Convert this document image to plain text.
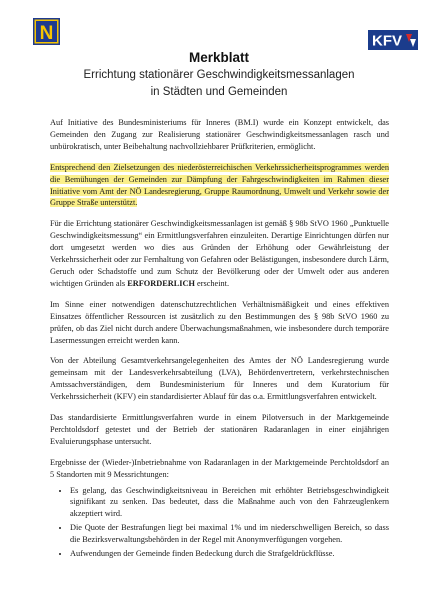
N	KFV
Merkblatt
Errichtung stationärer Geschwindigkeitsmessanlagen
in Städten und Gemeinden

Auf Initiative des Bundesministeriums für Inneres (BM.I) wurde ein Konzept entwickelt, das Gemeinden den Zugang zur Realisierung stationärer Geschwindigkeitsmessanlagen rasch und unbürokratisch, unter Beibehaltung nachvollziehbarer Prüfkriterien, ermöglicht.

Entsprechend den Zielsetzungen des niederösterreichischen Verkehrssicherheitsprogrammes werden die Bemühungen der Gemeinden zur Dämpfung der Fahrgeschwindigkeiten im Rahmen dieser Initiative vom Amt der NÖ Landesregierung, Gruppe Raumordnung, Umwelt und Verkehr sowie der Gruppe Straße unterstützt.

Für die Errichtung stationärer Geschwindigkeitsmessanlagen ist gemäß § 98b StVO 1960 „Punktuelle Geschwindigkeitsmessung“ ein Ermittlungsverfahren einzuleiten. Derartige Einrichtungen dürfen nur dort umgesetzt werden wo dies aus Gründen der Erhöhung oder Gewährleistung der Verkehrssicherheit oder zur Fernhaltung von Gefahren oder Belästigungen, insbesondere durch Lärm, Geruch oder Schadstoffe und zum Schutz der Bevölkerung oder der Umwelt oder aus anderen wichtigen Gründen als ERFORDERLICH erscheint.

Im Sinne einer notwendigen datenschutzrechtlichen Verhältnismäßigkeit und eines effektiven Einsatzes öffentlicher Ressourcen ist zusätzlich zu den Bestimmungen des § 98b StVO 1960 zu prüfen, ob das Ziel nicht durch andere Überwachungsmaßnahmen, wie insbesondere durch temporäre Lasermessungen erreicht werden kann.

Von der Abteilung Gesamtverkehrsangelegenheiten des Amtes der NÖ Landesregierung wurde gemeinsam mit der Landesverkehrsabteilung (LVA), Behördenvertretern, verkehrstechnischen Amtssachverständigen, dem Bundesministerium für Inneres und dem Kuratorium für Verkehrssicherheit (KFV) ein standardisierter Ablauf für das o.a. Ermittlungsverfahren entwickelt.

Das standardisierte Ermittlungsverfahren wurde in einem Pilotversuch in der Marktgemeinde Perchtoldsdorf getestet und der Betrieb der stationären Radaranlagen in einer einjährigen Evaluierungsphase untersucht.

Ergebnisse der (Wieder-)Inbetriebnahme von Radaranlagen in der Marktgemeinde Perchtoldsdorf an 5 Standorten mit 9 Messrichtungen:

• Es gelang, das Geschwindigkeitsniveau in Bereichen mit erhöhter Betriebsgeschwindigkeit signifikant zu senken. Das bedeutet, dass die Maßnahme auch von den Fahrzeuglenkern akzeptiert wird.
• Die Quote der Bestrafungen liegt bei maximal 1% und im niederschwelligen Bereich, so dass die Bezirksverwaltungsbehörden in der Regel mit Anonymverfügungen vorgehen.
• Aufwendungen der Gemeinde finden Bedeckung durch die Strafgeldrückflüsse.
